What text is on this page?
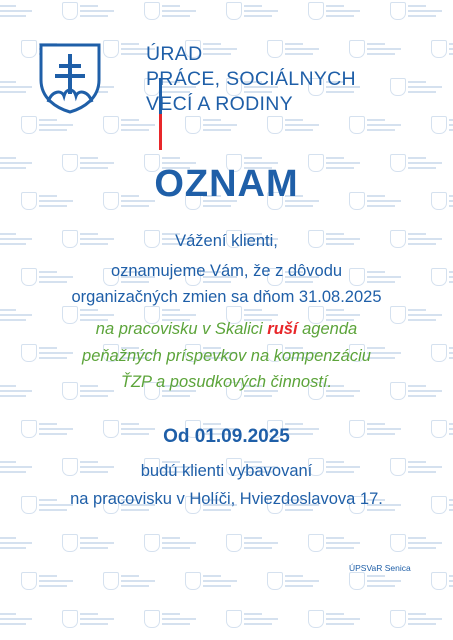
ÚRAD
PRÁCE, SOCIÁLNYCH
VECÍ A RODINY
OZNAM

Vážení klienti,

oznamujeme Vám, že z dôvodu

organizačných zmien sa dňom 31.08.2025

na pracovisku v Skalici ruší agenda

peňažných príspevkov na kompenzáciu

ŤZP a posudkových činností.

Od 01.09.2025

budú klienti vybavovaní

na pracovisku v Holíči, Hviezdoslavova 17.

ÚPSVaR Senica
